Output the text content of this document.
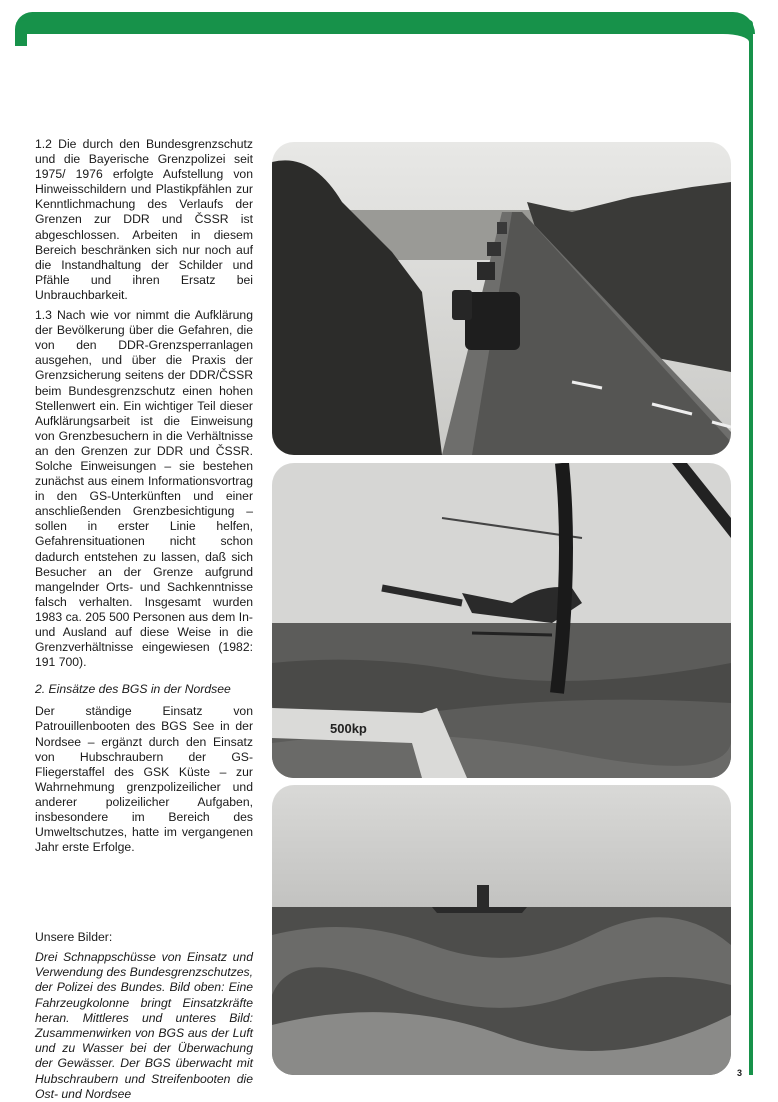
1.2 Die durch den Bundesgrenzschutz und die Bayerische Grenzpolizei seit 1975/ 1976 erfolgte Aufstellung von Hinweisschildern und Plastikpfählen zur Kenntlichmachung des Verlaufs der Grenzen zur DDR und ČSSR ist abgeschlossen. Arbeiten in diesem Bereich beschränken sich nur noch auf die Instandhaltung der Schilder und Pfähle und ihren Ersatz bei Unbrauchbarkeit.

1.3 Nach wie vor nimmt die Aufklärung der Bevölkerung über die Gefahren, die von den DDR-Grenzsperranlagen ausgehen, und über die Praxis der Grenzsicherung seitens der DDR/ČSSR beim Bundesgrenzschutz einen hohen Stellenwert ein. Ein wichtiger Teil dieser Aufklärungsarbeit ist die Einweisung von Grenzbesuchern in die Verhältnisse an den Grenzen zur DDR und ČSSR. Solche Einweisungen – sie bestehen zunächst aus einem Informationsvortrag in den GS-Unterkünften und einer anschließenden Grenzbesichtigung – sollen in erster Linie helfen, Gefahrensituationen nicht schon dadurch entstehen zu lassen, daß sich Besucher an der Grenze aufgrund mangelnder Orts- und Sachkenntnisse falsch verhalten. Insgesamt wurden 1983 ca. 205 500 Personen aus dem In- und Ausland auf diese Weise in die Grenzverhältnisse eingewiesen (1982: 191 700).

2. Einsätze des BGS in der Nordsee

Der ständige Einsatz von Patrouillenbooten des BGS See in der Nordsee – ergänzt durch den Einsatz von Hubschraubern der GS-Fliegerstaffel des GSK Küste – zur Wahrnehmung grenzpolizeilicher und anderer polizeilicher Aufgaben, insbesondere im Bereich des Umweltschutzes, hatte im vergangenen Jahr erste Erfolge.

Unsere Bilder:
Drei Schnappschüsse von Einsatz und Verwendung des Bundesgrenzschutzes, der Polizei des Bundes. Bild oben: Eine Fahrzeugkolonne bringt Einsatzkräfte heran. Mittleres und unteres Bild: Zusammenwirken von BGS aus der Luft und zu Wasser bei der Überwachung der Gewässer. Der BGS überwacht mit Hubschraubern und Streifenbooten die Ost- und Nordsee
500kp
3
